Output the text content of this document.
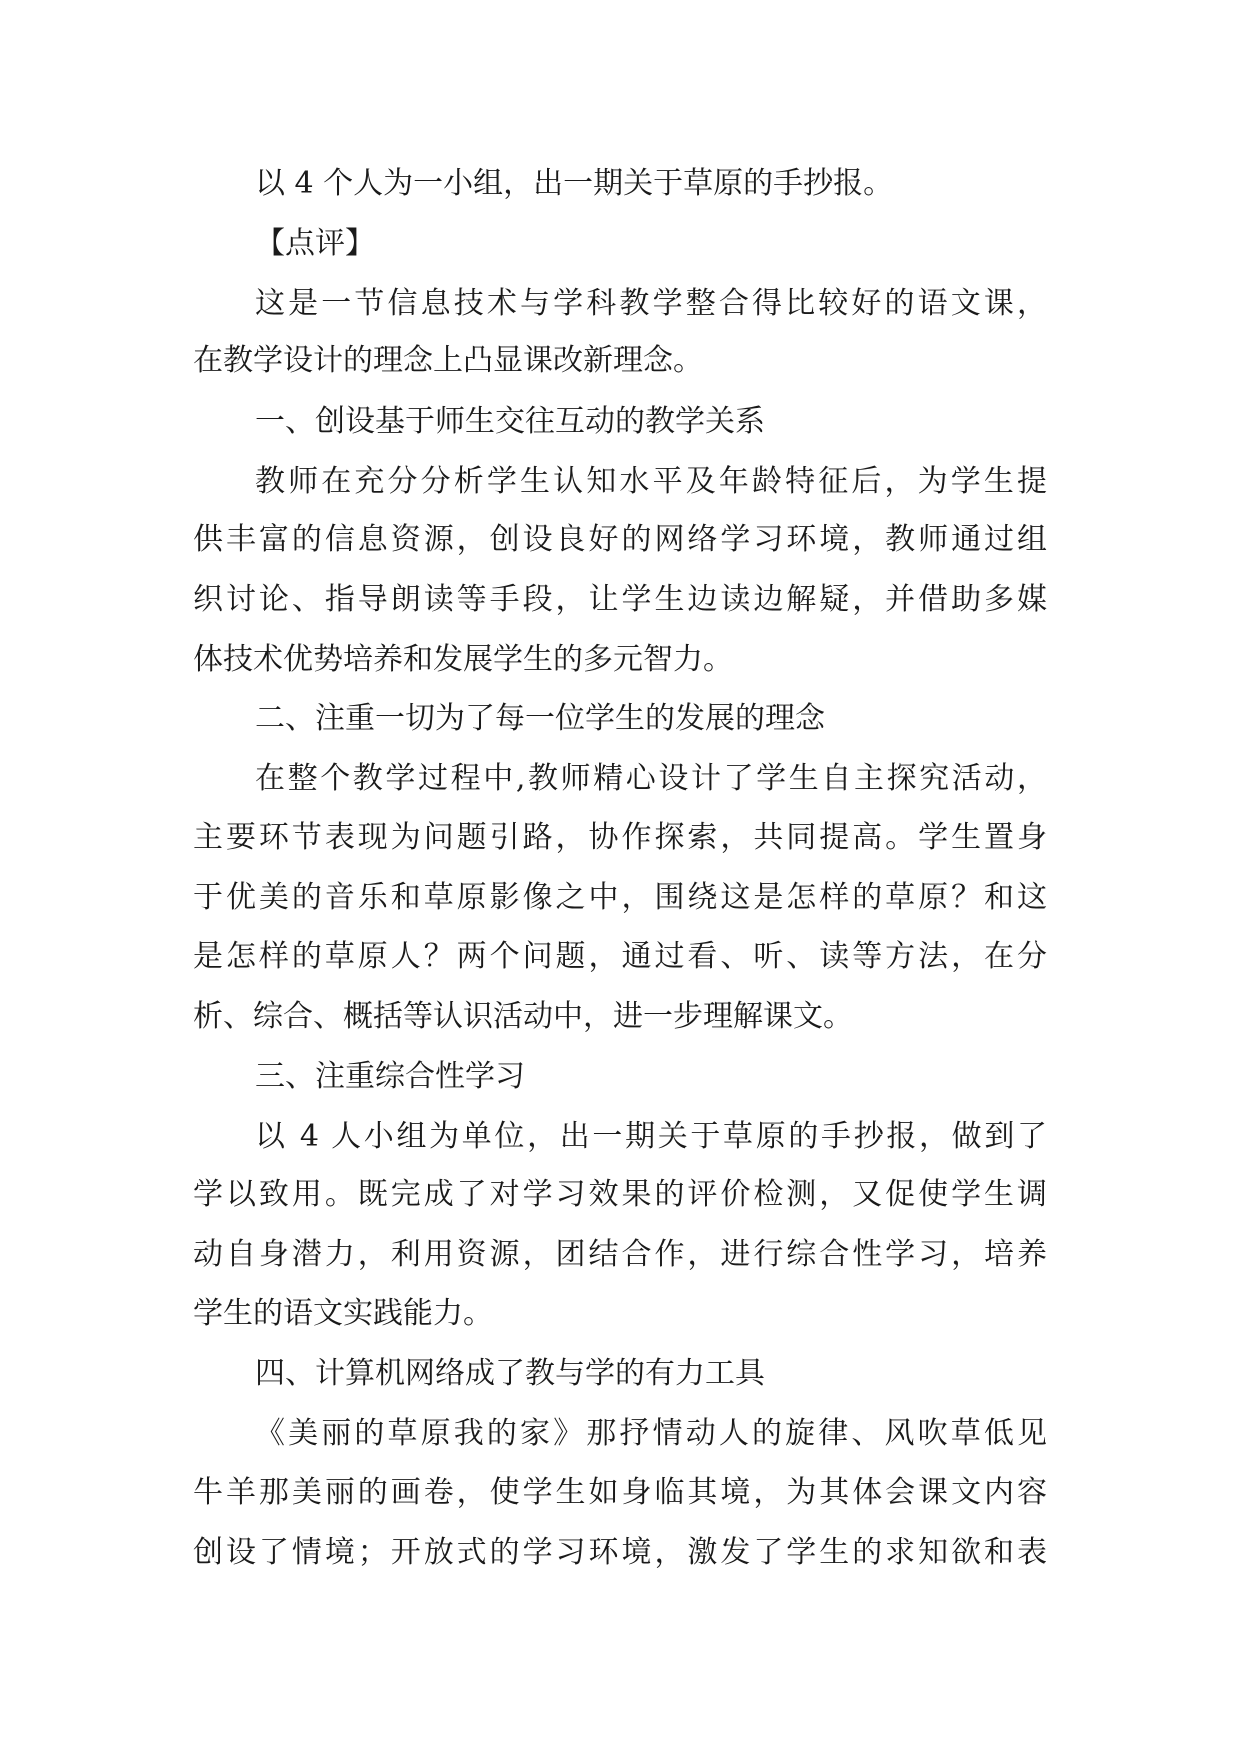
以 4 个人为一小组，出一期关于草原的手抄报。

【点评】

这是一节信息技术与学科教学整合得比较好的语文课，

在教学设计的理念上凸显课改新理念。

一、创设基于师生交往互动的教学关系

教师在充分分析学生认知水平及年龄特征后，为学生提

供丰富的信息资源，创设良好的网络学习环境，教师通过组

织讨论、指导朗读等手段，让学生边读边解疑，并借助多媒

体技术优势培养和发展学生的多元智力。

二、注重一切为了每一位学生的发展的理念

在整个教学过程中,教师精心设计了学生自主探究活动，

主要环节表现为问题引路，协作探索，共同提高。学生置身

于优美的音乐和草原影像之中，围绕这是怎样的草原？和这

是怎样的草原人？两个问题，通过看、听、读等方法，在分

析、综合、概括等认识活动中，进一步理解课文。

三、注重综合性学习

以 4 人小组为单位，出一期关于草原的手抄报，做到了

学以致用。既完成了对学习效果的评价检测，又促使学生调

动自身潜力，利用资源，团结合作，进行综合性学习，培养

学生的语文实践能力。

四、计算机网络成了教与学的有力工具

《美丽的草原我的家》那抒情动人的旋律、风吹草低见

牛羊那美丽的画卷，使学生如身临其境，为其体会课文内容

创设了情境；开放式的学习环境，激发了学生的求知欲和表
